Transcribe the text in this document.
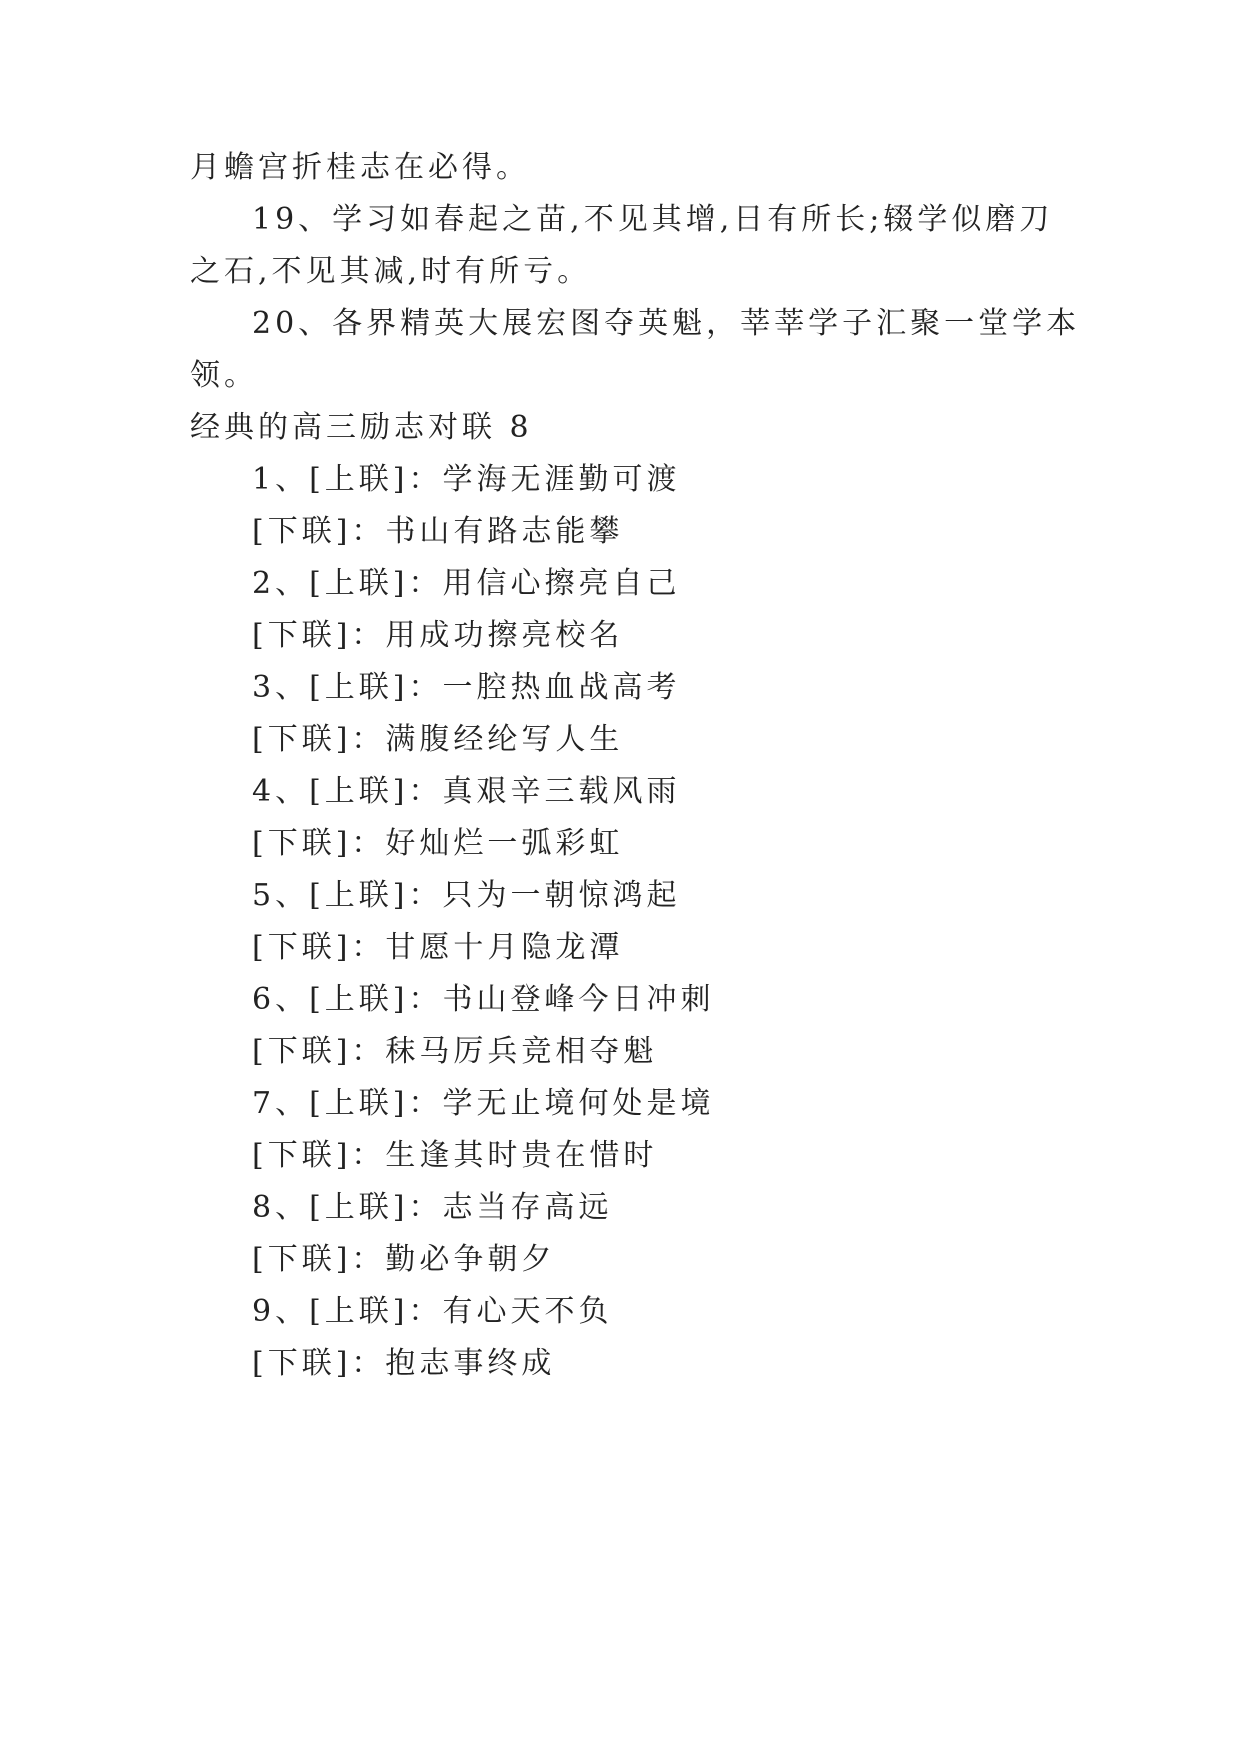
月蟾宫折桂志在必得。
19、学习如春起之苗,不见其增,日有所长;辍学似磨刀
之石,不见其减,时有所亏。
20、各界精英大展宏图夺英魁，莘莘学子汇聚一堂学本
领。
经典的高三励志对联 8
1、[上联]：学海无涯勤可渡
[下联]：书山有路志能攀
2、[上联]：用信心擦亮自己
[下联]：用成功擦亮校名
3、[上联]：一腔热血战高考
[下联]：满腹经纶写人生
4、[上联]：真艰辛三载风雨
[下联]：好灿烂一弧彩虹
5、[上联]：只为一朝惊鸿起
[下联]：甘愿十月隐龙潭
6、[上联]：书山登峰今日冲刺
[下联]：秣马厉兵竞相夺魁
7、[上联]：学无止境何处是境
[下联]：生逢其时贵在惜时
8、[上联]：志当存高远
[下联]：勤必争朝夕
9、[上联]：有心天不负
[下联]：抱志事终成
